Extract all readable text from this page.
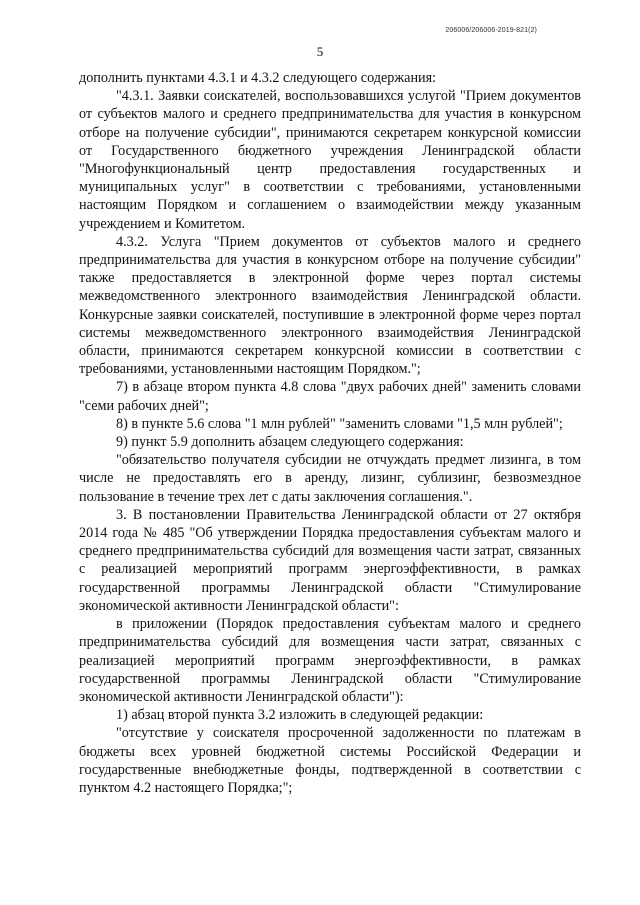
206006/206006-2019-821(2)
5

дополнить пунктами 4.3.1 и 4.3.2 следующего содержания:

"4.3.1. Заявки соискателей, воспользовавшихся услугой "Прием документов от субъектов малого и среднего предпринимательства для участия в конкурсном отборе на получение субсидии", принимаются секретарем конкурсной комиссии от Государственного бюджетного учреждения Ленинградской области "Многофункциональный центр предоставления государственных и муниципальных услуг" в соответствии с требованиями, установленными настоящим Порядком и соглашением о взаимодействии между указанным учреждением и Комитетом.

4.3.2. Услуга "Прием документов от субъектов малого и среднего предпринимательства для участия в конкурсном отборе на получение субсидии" также предоставляется в электронной форме через портал системы межведомственного электронного взаимодействия Ленинградской области. Конкурсные заявки соискателей, поступившие в электронной форме через портал системы межведомственного электронного взаимодействия Ленинградской области, принимаются секретарем конкурсной комиссии в соответствии с требованиями, установленными настоящим Порядком.";

7) в абзаце втором пункта 4.8 слова "двух рабочих дней" заменить словами "семи рабочих дней";

8) в пункте 5.6 слова "1 млн рублей" "заменить словами "1,5 млн рублей";

9) пункт 5.9 дополнить абзацем следующего содержания:

"обязательство получателя субсидии не отчуждать предмет лизинга, в том числе не предоставлять его в аренду, лизинг, сублизинг, безвозмездное пользование в течение трех лет с даты заключения соглашения.".

3. В постановлении Правительства Ленинградской области от 27 октября 2014 года № 485 "Об утверждении Порядка предоставления субъектам малого и среднего предпринимательства субсидий для возмещения части затрат, связанных с реализацией мероприятий программ энергоэффективности, в рамках государственной программы Ленинградской области "Стимулирование экономической активности Ленинградской области":

в приложении (Порядок предоставления субъектам малого и среднего предпринимательства субсидий для возмещения части затрат, связанных с реализацией мероприятий программ энергоэффективности, в рамках государственной программы Ленинградской области "Стимулирование экономической активности Ленинградской области"):

1) абзац второй пункта 3.2 изложить в следующей редакции:

"отсутствие у соискателя просроченной задолженности по платежам в бюджеты всех уровней бюджетной системы Российской Федерации и государственные внебюджетные фонды, подтвержденной в соответствии с пунктом 4.2 настоящего Порядка;";
